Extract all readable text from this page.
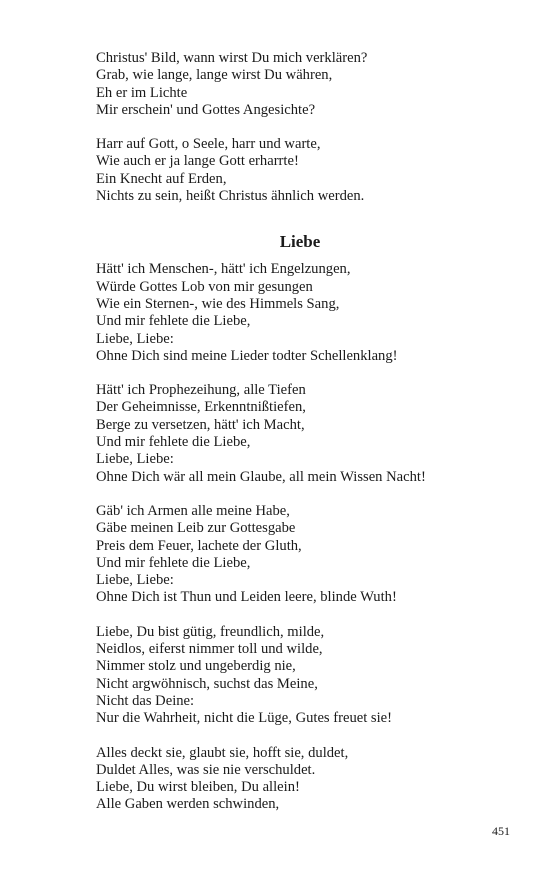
Christus' Bild, wann wirst Du mich verklären?
Grab, wie lange, lange wirst Du währen,
Eh er im Lichte
Mir erschein' und Gottes Angesichte?
Harr auf Gott, o Seele, harr und warte,
Wie auch er ja lange Gott erharrte!
Ein Knecht auf Erden,
Nichts zu sein, heißt Christus ähnlich werden.
Liebe
Hätt' ich Menschen-, hätt' ich Engelzungen,
Würde Gottes Lob von mir gesungen
Wie ein Sternen-, wie des Himmels Sang,
Und mir fehlete die Liebe,
Liebe, Liebe:
Ohne Dich sind meine Lieder todter Schellenklang!
Hätt' ich Prophezeihung, alle Tiefen
Der Geheimnisse, Erkenntnißtiefen,
Berge zu versetzen, hätt' ich Macht,
Und mir fehlete die Liebe,
Liebe, Liebe:
Ohne Dich wär all mein Glaube, all mein Wissen Nacht!
Gäb' ich Armen alle meine Habe,
Gäbe meinen Leib zur Gottesgabe
Preis dem Feuer, lachete der Gluth,
Und mir fehlete die Liebe,
Liebe, Liebe:
Ohne Dich ist Thun und Leiden leere, blinde Wuth!
Liebe, Du bist gütig, freundlich, milde,
Neidlos, eiferst nimmer toll und wilde,
Nimmer stolz und ungeberdig nie,
Nicht argwöhnisch, suchst das Meine,
Nicht das Deine:
Nur die Wahrheit, nicht die Lüge, Gutes freuet sie!
Alles deckt sie, glaubt sie, hofft sie, duldet,
Duldet Alles, was sie nie verschuldet.
Liebe, Du wirst bleiben, Du allein!
Alle Gaben werden schwinden,
451
